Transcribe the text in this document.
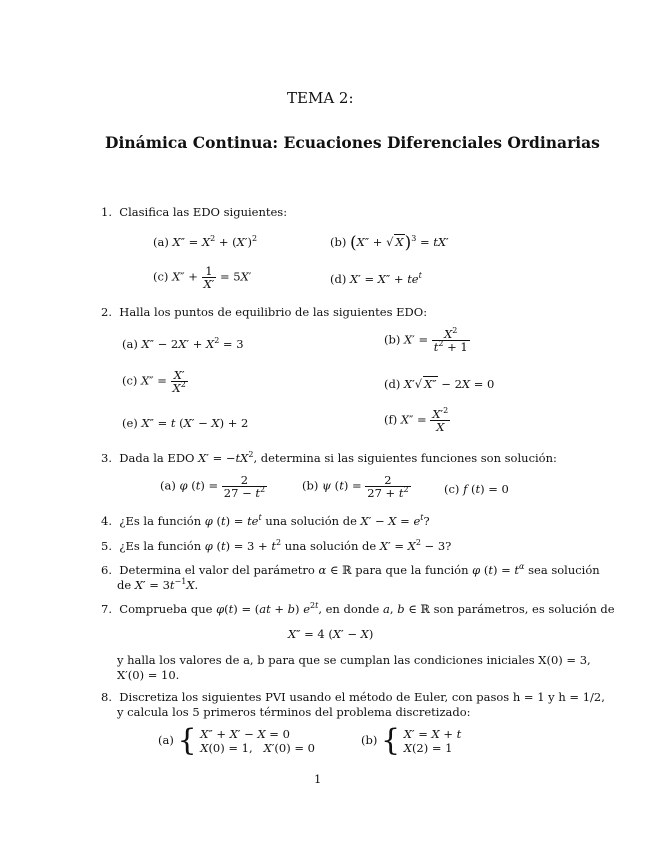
TEMA 2:
Dinámica Continua: Ecuaciones Diferenciales Ordinarias
1. Clasifica las EDO siguientes:
(a) $X'' = X^2 + (X')^2$	(b) (X″ + √ X)$^3$ = tX′
(c) $X'' + \frac{1}{X'} = 5X'$	(d) $X' = X'' + te^t$
2. Halla los puntos de equilibrio de las siguientes EDO:
(a) $X'' - 2X' + X^2 = 3$	(b) $X' = \frac{X^2}{t^2 + 1}$
(c) $X'' = \frac{X'}{X^2}$	(d) X′√ X″ − 2X = 0
(e) X″ = t (X′ − X) + 2	(f) $X'' = \frac{X'^2}{X}$
3. Dada la EDO $X' = -tX^2$, determina si las siguientes funciones son solución:
(a) φ $(t) = \frac{2}{27 - t^2}$	(b) ψ $(t) = \frac{2}{27 + t^2}$	(c) f (t) = 0
4. ¿Es la función φ $(t) = te^t$ una solución de $X' - X = e^t$?
5. ¿Es la función φ $(t) = 3 + t^2$ una solución de $X' = X^2 - 3$?
6. Determina el valor del parámetro α ∈ ℝ para que la función φ $(t) = t^\alpha$ sea solución
de $X' = 3t^{-1}X$.
7. Comprueba que φ(t) = (at + b) $e^{2t}$, en donde a, b ∈ ℝ son parámetros, es solución de
X″ = 4 (X′ − X)
y halla los valores de a, b para que se cumplan las condiciones iniciales X(0) = 3,
X′(0) = 10.
8. Discretiza los siguientes PVI usando el método de Euler, con pasos h = 1 y h = 1/2,
y calcula los 5 primeros términos del problema discretizado:
(a) { X″ + X′ − X = 0
X(0) = 1,   X′(0) = 0
(b) { X′ = X + t
X(2) = 1
1
